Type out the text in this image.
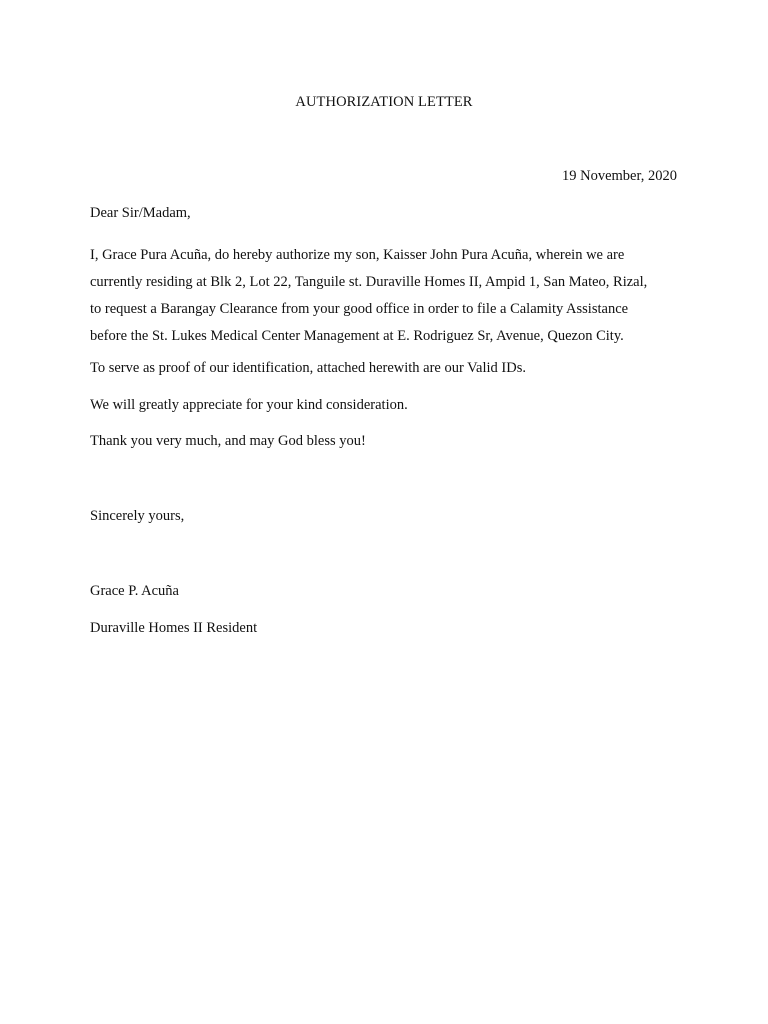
AUTHORIZATION LETTER
19 November, 2020
Dear Sir/Madam,
I, Grace Pura Acuña, do hereby authorize my son, Kaisser John Pura Acuña, wherein we are
currently residing at Blk 2, Lot 22, Tanguile st. Duraville Homes II, Ampid 1, San Mateo, Rizal,
to request a Barangay Clearance from your good office in order to file a Calamity Assistance
before the St. Lukes Medical Center Management at E. Rodriguez Sr, Avenue, Quezon City.
To serve as proof of our identification, attached herewith are our Valid IDs.
We will greatly appreciate for your kind consideration.
Thank you very much, and may God bless you!
Sincerely yours,
Grace P. Acuña
Duraville Homes II Resident
